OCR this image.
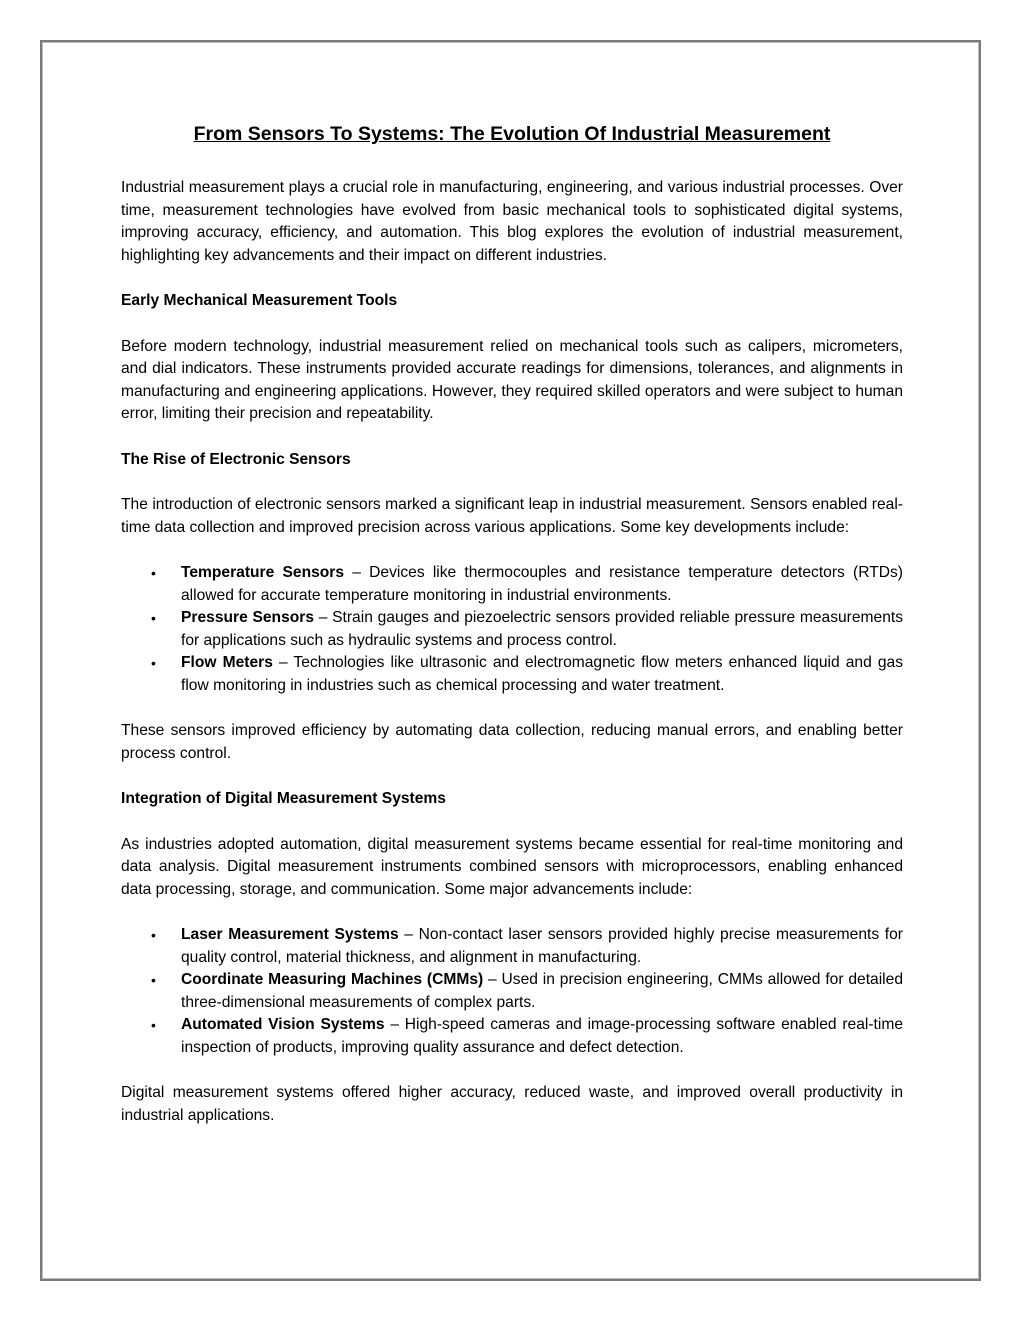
From Sensors To Systems: The Evolution Of Industrial Measurement

Industrial measurement plays a crucial role in manufacturing, engineering, and various industrial processes. Over time, measurement technologies have evolved from basic mechanical tools to sophisticated digital systems, improving accuracy, efficiency, and automation. This blog explores the evolution of industrial measurement, highlighting key advancements and their impact on different industries.

Early Mechanical Measurement Tools

Before modern technology, industrial measurement relied on mechanical tools such as calipers, micrometers, and dial indicators. These instruments provided accurate readings for dimensions, tolerances, and alignments in manufacturing and engineering applications. However, they required skilled operators and were subject to human error, limiting their precision and repeatability.

The Rise of Electronic Sensors

The introduction of electronic sensors marked a significant leap in industrial measurement. Sensors enabled real-time data collection and improved precision across various applications. Some key developments include:

• Temperature Sensors – Devices like thermocouples and resistance temperature detectors (RTDs) allowed for accurate temperature monitoring in industrial environments.
• Pressure Sensors – Strain gauges and piezoelectric sensors provided reliable pressure measurements for applications such as hydraulic systems and process control.
• Flow Meters – Technologies like ultrasonic and electromagnetic flow meters enhanced liquid and gas flow monitoring in industries such as chemical processing and water treatment.

These sensors improved efficiency by automating data collection, reducing manual errors, and enabling better process control.

Integration of Digital Measurement Systems

As industries adopted automation, digital measurement systems became essential for real-time monitoring and data analysis. Digital measurement instruments combined sensors with microprocessors, enabling enhanced data processing, storage, and communication. Some major advancements include:

• Laser Measurement Systems – Non-contact laser sensors provided highly precise measurements for quality control, material thickness, and alignment in manufacturing.
• Coordinate Measuring Machines (CMMs) – Used in precision engineering, CMMs allowed for detailed three-dimensional measurements of complex parts.
• Automated Vision Systems – High-speed cameras and image-processing software enabled real-time inspection of products, improving quality assurance and defect detection.

Digital measurement systems offered higher accuracy, reduced waste, and improved overall productivity in industrial applications.
